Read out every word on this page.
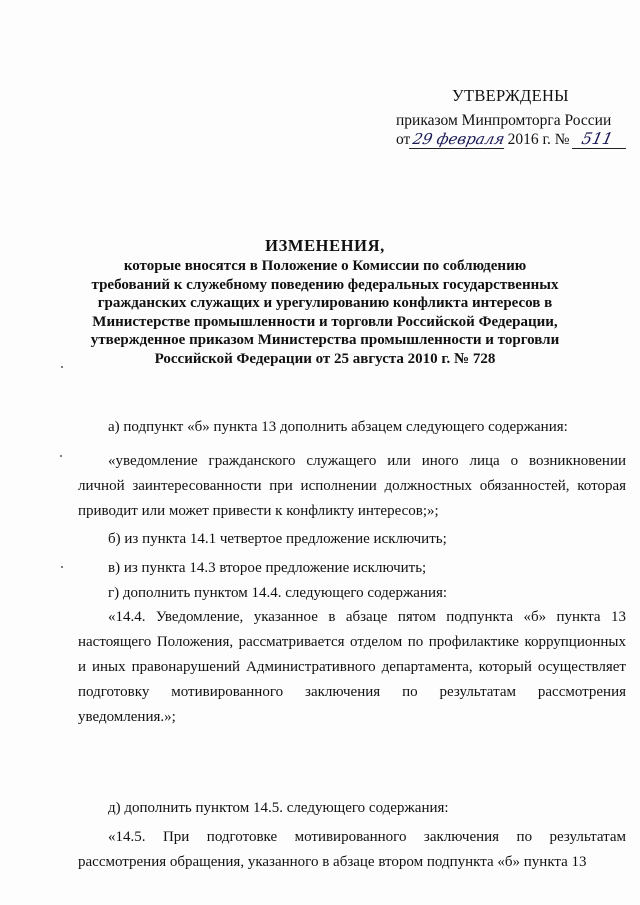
УТВЕРЖДЕНЫ
приказом Минпромторга России
от29 февраля2016 г. № 511
ИЗМЕНЕНИЯ,
которые вносятся в Положение о Комиссии по соблюдению
требований к служебному поведению федеральных государственных
гражданских служащих и урегулированию конфликта интересов в
Министерстве промышленности и торговли Российской Федерации,
утвержденное приказом Министерства промышленности и торговли
Российской Федерации от 25 августа 2010 г. № 728

а) подпункт «б» пункта 13 дополнить абзацем следующего содержания:

«уведомление гражданского служащего или иного лица о возникновении личной заинтересованности при исполнении должностных обязанностей, которая приводит или может привести к конфликту интересов;»;

б) из пункта 14.1 четвертое предложение исключить;

в) из пункта 14.3 второе предложение исключить;

г) дополнить пунктом 14.4. следующего содержания:

«14.4. Уведомление, указанное в абзаце пятом подпункта «б» пункта 13 настоящего Положения, рассматривается отделом по профилактике коррупционных и иных правонарушений Административного департамента, который осуществляет подготовку мотивированного заключения по результатам рассмотрения уведомления.»;

д) дополнить пунктом 14.5. следующего содержания:

«14.5. При подготовке мотивированного заключения по результатам рассмотрения обращения, указанного в абзаце втором подпункта «б» пункта 13
